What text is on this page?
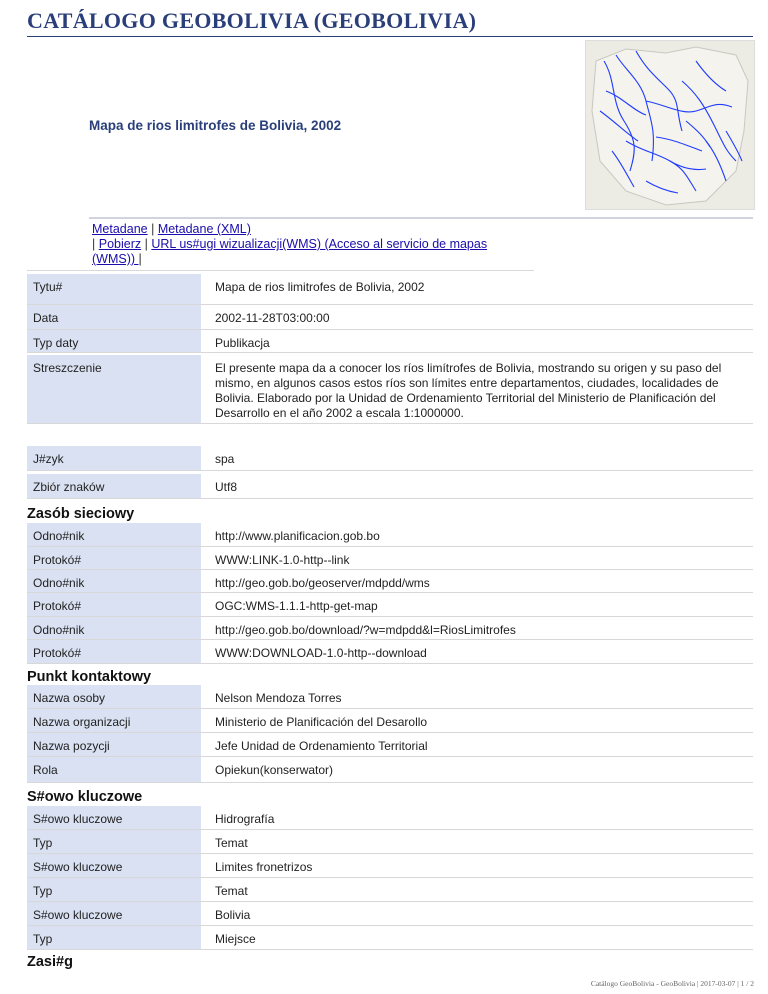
CATÁLOGO GEOBOLIVIA (GEOBOLIVIA)
Mapa de rios limitrofes de Bolivia, 2002
Metadane | Metadane (XML)
| Pobierz | URL us#ugi wizualizacji(WMS) (Acceso al servicio de mapas (WMS)) |
Tytu#	Mapa de rios limitrofes de Bolivia, 2002
Data	2002-11-28T03:00:00
Typ daty	Publikacja
Streszczenie	El presente mapa da a conocer los ríos limítrofes de Bolivia, mostrando su origen y su paso del mismo, en algunos casos estos ríos son límites entre departamentos, ciudades, localidades de Bolivia. Elaborado por la Unidad de Ordenamiento Territorial del Ministerio de Planificación del Desarrollo en el año 2002 a escala 1:1000000.
J#zyk	spa
Zbiór znaków	Utf8
Zasób sieciowy
Odno#nik	http://www.planificacion.gob.bo
Protokó#	WWW:LINK-1.0-http--link
Odno#nik	http://geo.gob.bo/geoserver/mdpdd/wms
Protokó#	OGC:WMS-1.1.1-http-get-map
Odno#nik	http://geo.gob.bo/download/?w=mdpdd&l=RiosLimitrofes
Protokó#	WWW:DOWNLOAD-1.0-http--download
Punkt kontaktowy
Nazwa osoby	Nelson Mendoza Torres
Nazwa organizacji	Ministerio de Planificación del Desarollo
Nazwa pozycji	Jefe Unidad de Ordenamiento Territorial
Rola	Opiekun(konserwator)
S#owo kluczowe
S#owo kluczowe	Hidrografía
Typ	Temat
S#owo kluczowe	Limites fronetrizos
Typ	Temat
S#owo kluczowe	Bolivia
Typ	Miejsce
Zasi#g
Catálogo GeoBolivia - GeoBolivia | 2017-03-07 | 1 / 2
